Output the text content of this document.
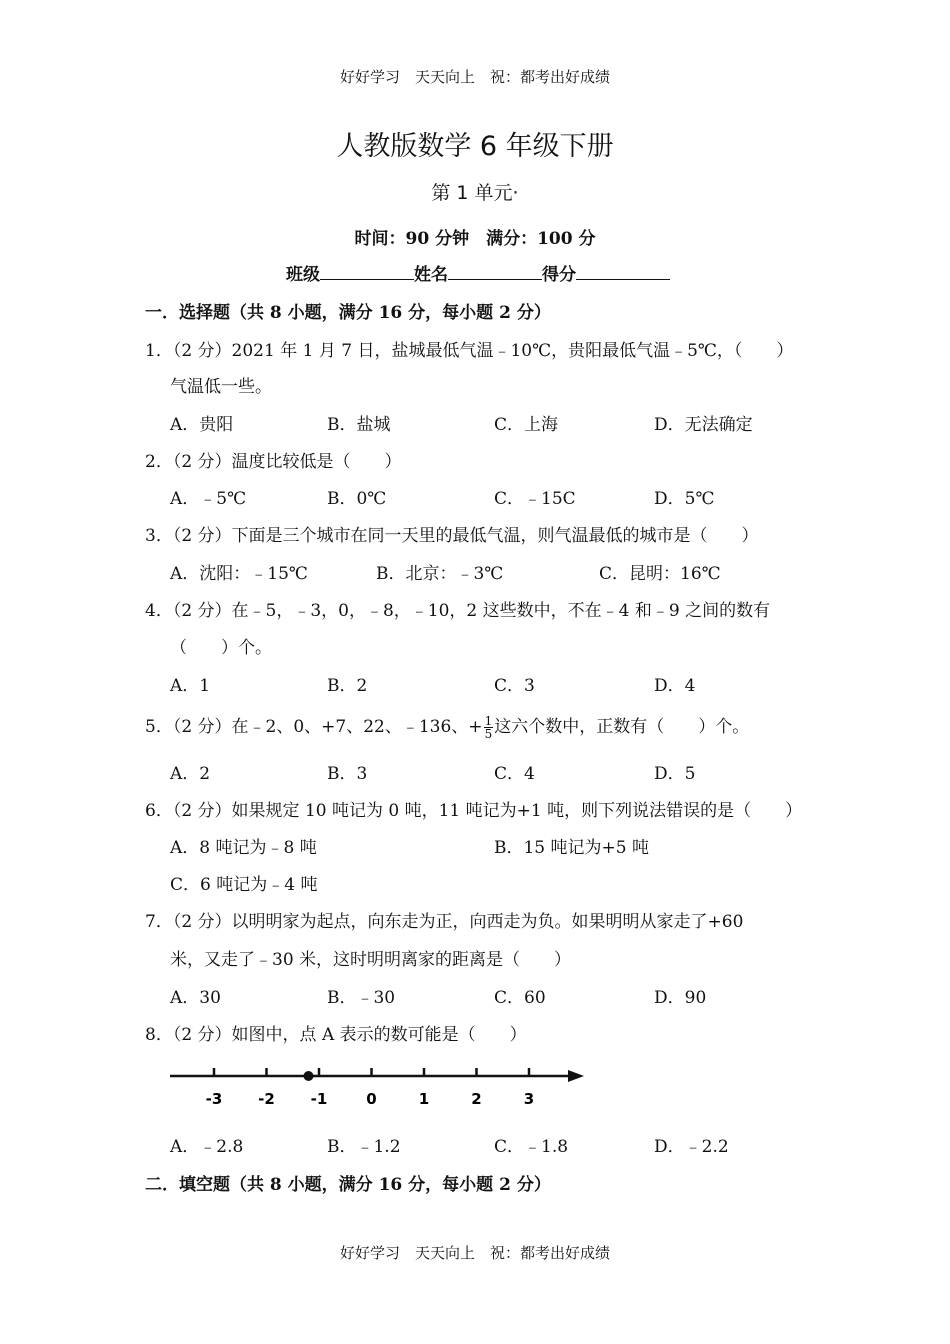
好好学习　天天向上　祝：都考出好成绩
人教版数学 6 年级下册
第 1 单元·
时间：90 分钟　满分：100 分
班级	姓名	得分
一．选择题（共 8 小题，满分 16 分，每小题 2 分）
1．（2 分）2021 年 1 月 7 日，盐城最低气温﹣10℃，贵阳最低气温﹣5℃，（　　）
气温低一些。
A．贵阳	B．盐城	C．上海	D．无法确定
2．（2 分）温度比较低是（　　）
A．﹣5℃	B．0℃	C．﹣15C	D．5℃
3．（2 分）下面是三个城市在同一天里的最低气温，则气温最低的城市是（　　）
A．沈阳：﹣15℃	B．北京：﹣3℃	C．昆明：16℃
4．（2 分）在﹣5，﹣3，0，﹣8，﹣10，2 这些数中，不在﹣4 和﹣9 之间的数有
（　　）个。
A．1	B．2	C．3	D．4
5．（2 分）在﹣2、0、+7、22、﹣136、+ $\frac{1}{5}$ 这六个数中，正数有（　　）个。
A．2	B．3	C．4	D．5
6．（2 分）如果规定 10 吨记为 0 吨，11 吨记为+1 吨，则下列说法错误的是（　　）
A．8 吨记为﹣8 吨	B．15 吨记为+5 吨
C．6 吨记为﹣4 吨
7．（2 分）以明明家为起点，向东走为正，向西走为负。如果明明从家走了+60
米，又走了﹣30 米，这时明明离家的距离是（　　）
A．30	B．﹣30	C．60	D．90
8．（2 分）如图中，点 A 表示的数可能是（　　）
-3 -2 -1	0	1	2	3
A．﹣2.8	B．﹣1.2	C．﹣1.8	D．﹣2.2
二．填空题（共 8 小题，满分 16 分，每小题 2 分）
好好学习　天天向上　祝：都考出好成绩
